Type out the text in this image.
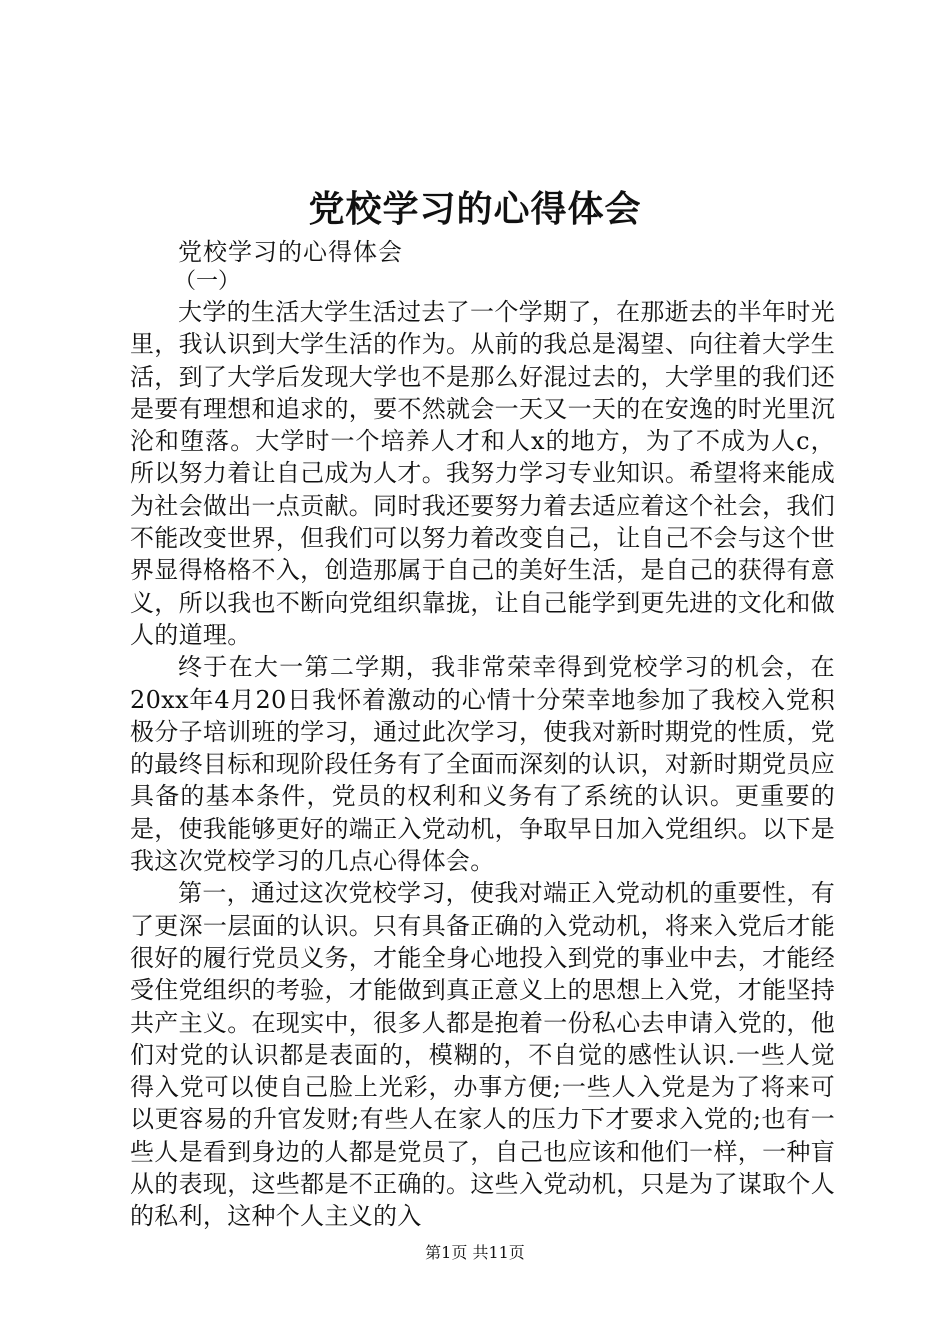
党校学习的心得体会

党校学习的心得体会

（一）

大学的生活大学生活过去了一个学期了，在那逝去的半年时光里，我认识到大学生活的作为。从前的我总是渴望、向往着大学生活，到了大学后发现大学也不是那么好混过去的，大学里的我们还是要有理想和追求的，要不然就会一天又一天的在安逸的时光里沉沦和堕落。大学时一个培养人才和人x的地方，为了不成为人c，所以努力着让自己成为人才。我努力学习专业知识。希望将来能成为社会做出一点贡献。同时我还要努力着去适应着这个社会，我们不能改变世界，但我们可以努力着改变自己，让自己不会与这个世界显得格格不入，创造那属于自己的美好生活，是自己的获得有意义，所以我也不断向党组织靠拢，让自己能学到更先进的文化和做人的道理。

终于在大一第二学期，我非常荣幸得到党校学习的机会，在20xx年4月20日我怀着激动的心情十分荣幸地参加了我校入党积极分子培训班的学习，通过此次学习，使我对新时期党的性质，党的最终目标和现阶段任务有了全面而深刻的认识，对新时期党员应具备的基本条件，党员的权利和义务有了系统的认识。更重要的是，使我能够更好的端正入党动机，争取早日加入党组织。以下是我这次党校学习的几点心得体会。

第一，通过这次党校学习，使我对端正入党动机的重要性，有了更深一层面的认识。只有具备正确的入党动机，将来入党后才能很好的履行党员义务，才能全身心地投入到党的事业中去，才能经受住党组织的考验，才能做到真正意义上的思想上入党，才能坚持共产主义。在现实中，很多人都是抱着一份私心去申请入党的，他们对党的认识都是表面的，模糊的，不自觉的感性认识.一些人觉得入党可以使自己脸上光彩，办事方便;一些人入党是为了将来可以更容易的升官发财;有些人在家人的压力下才要求入党的;也有一些人是看到身边的人都是党员了，自己也应该和他们一样，一种盲从的表现，这些都是不正确的。这些入党动机，只是为了谋取个人的私利，这种个人主义的入

第1页 共11页
